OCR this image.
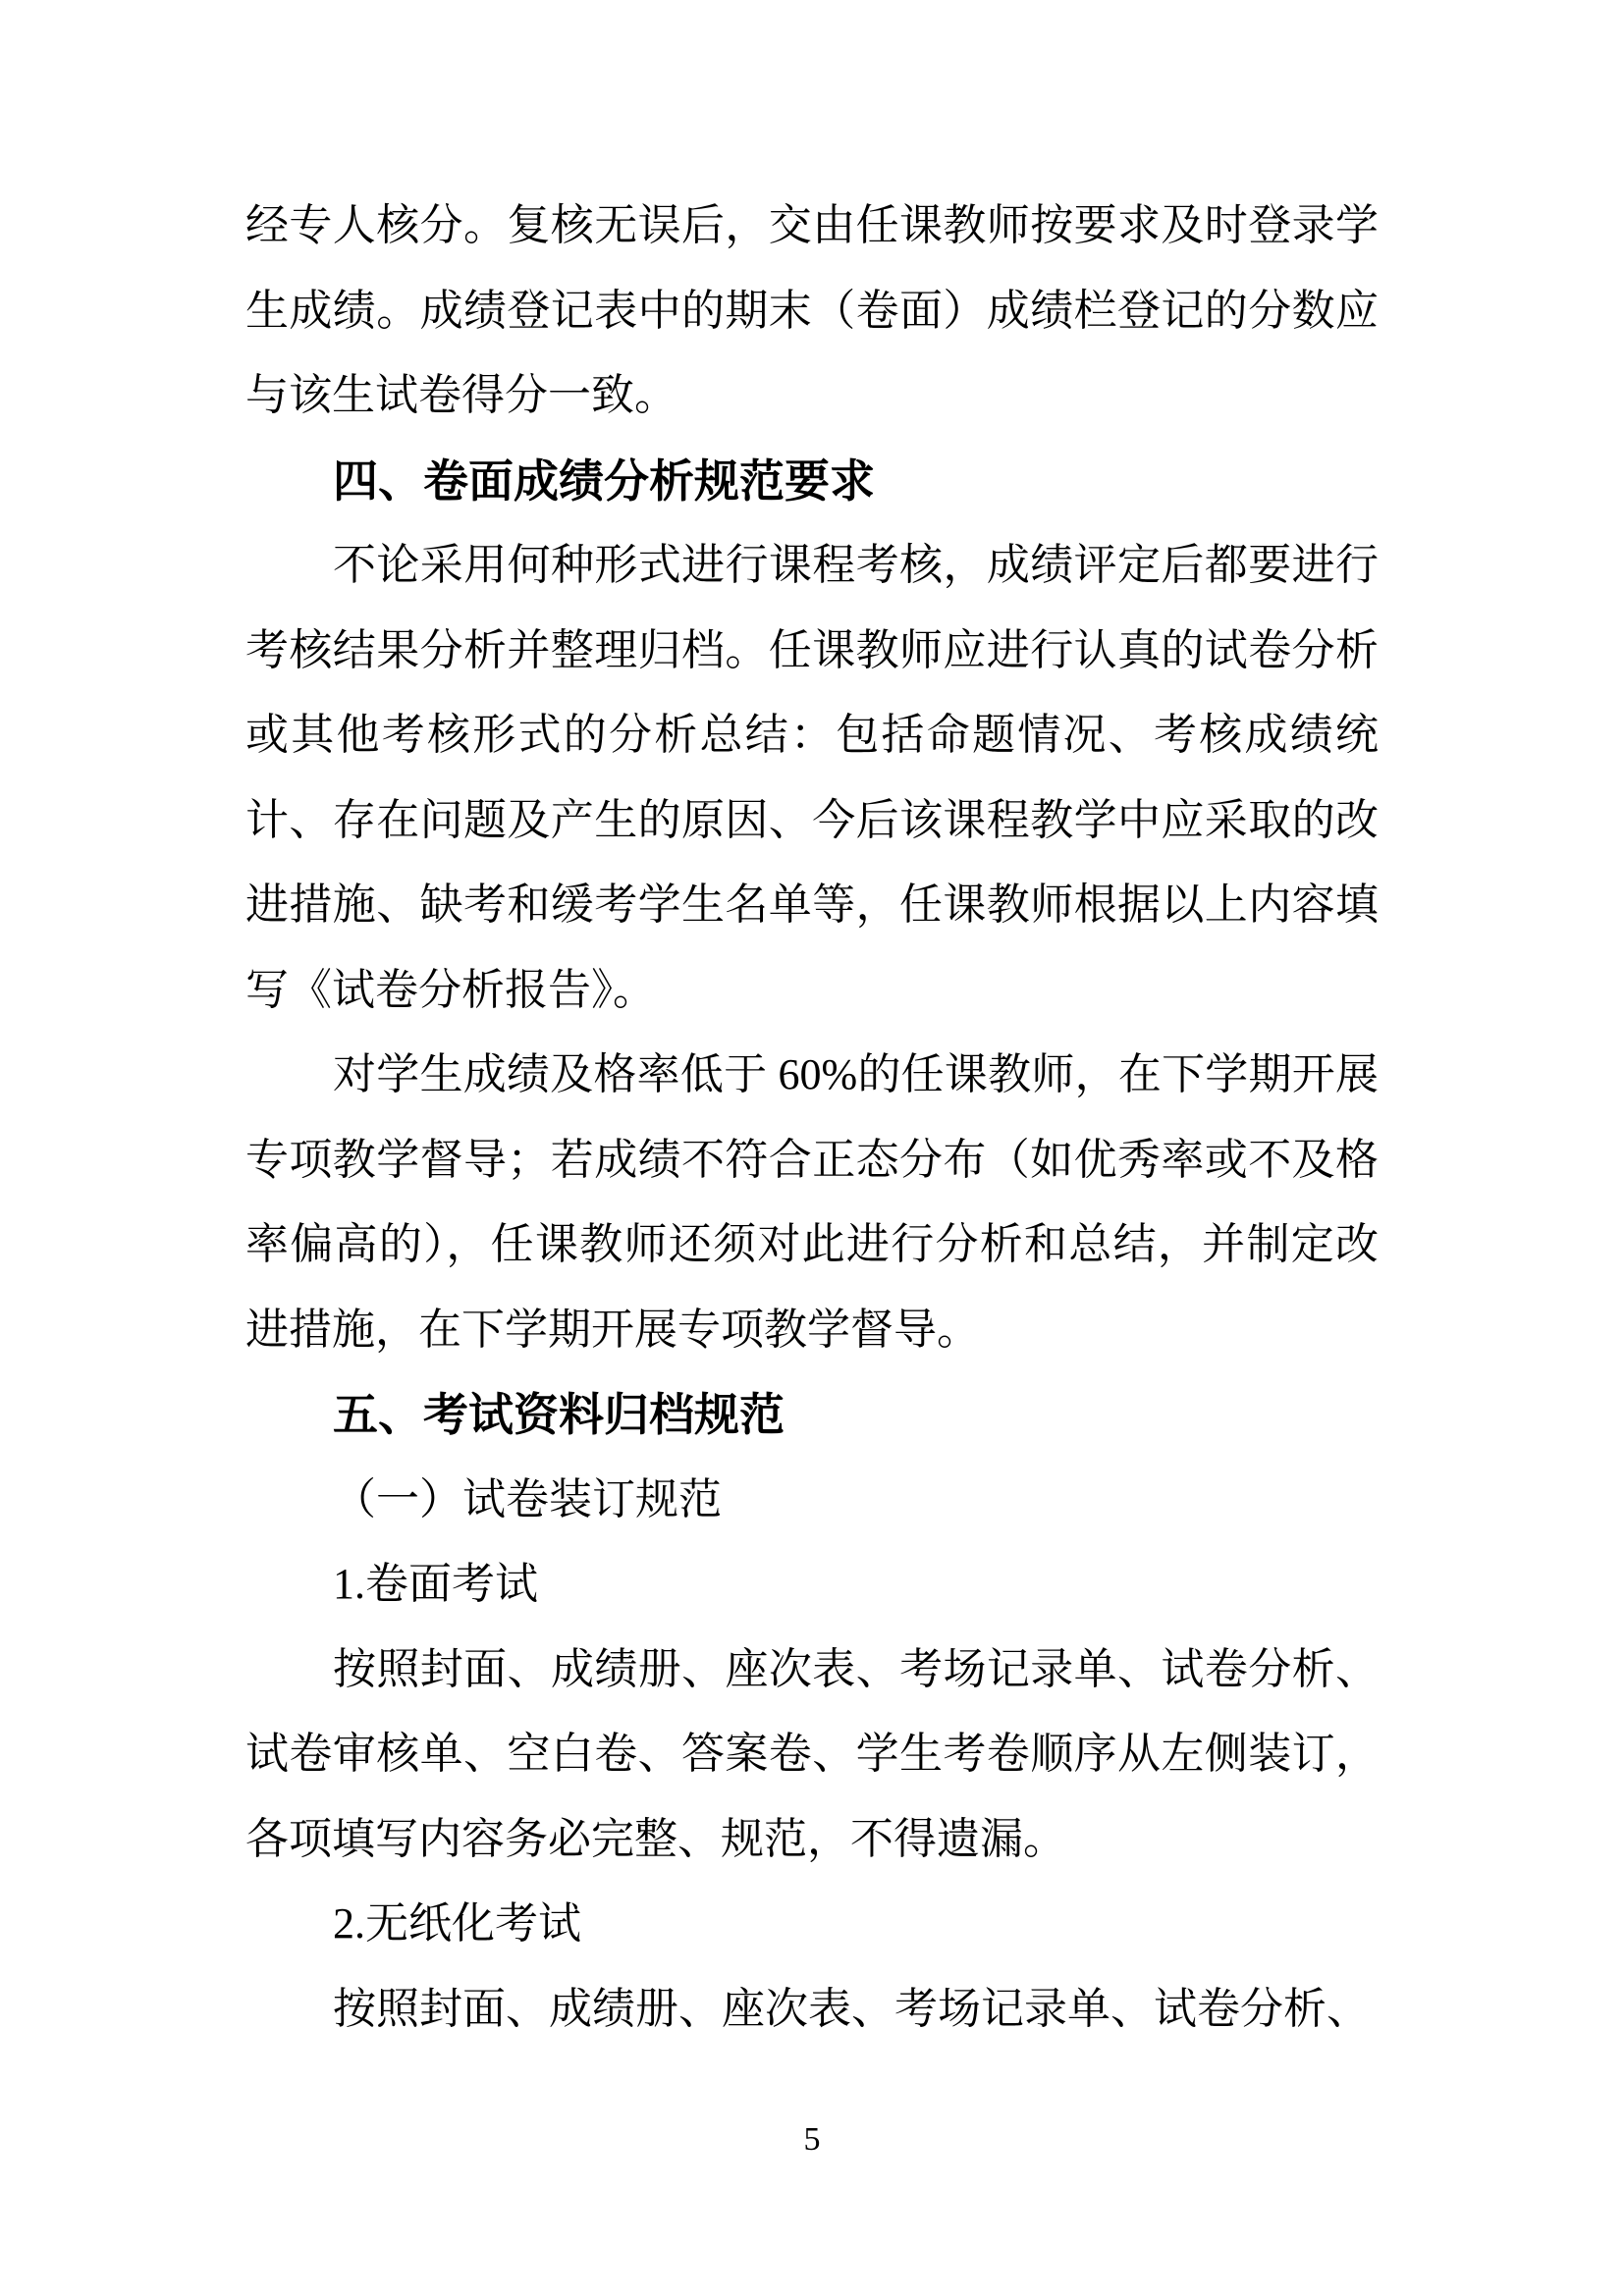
经专人核分。复核无误后，交由任课教师按要求及时登录学生成绩。成绩登记表中的期末（卷面）成绩栏登记的分数应与该生试卷得分一致。

四、卷面成绩分析规范要求

不论采用何种形式进行课程考核，成绩评定后都要进行考核结果分析并整理归档。任课教师应进行认真的试卷分析或其他考核形式的分析总结：包括命题情况、考核成绩统计、存在问题及产生的原因、今后该课程教学中应采取的改进措施、缺考和缓考学生名单等，任课教师根据以上内容填写《试卷分析报告》。

对学生成绩及格率低于 60%的任课教师，在下学期开展专项教学督导；若成绩不符合正态分布（如优秀率或不及格率偏高的），任课教师还须对此进行分析和总结，并制定改进措施，在下学期开展专项教学督导。

五、考试资料归档规范

（一）试卷装订规范

1.卷面考试

按照封面、成绩册、座次表、考场记录单、试卷分析、试卷审核单、空白卷、答案卷、学生考卷顺序从左侧装订，各项填写内容务必完整、规范，不得遗漏。

2.无纸化考试

按照封面、成绩册、座次表、考场记录单、试卷分析、

5
